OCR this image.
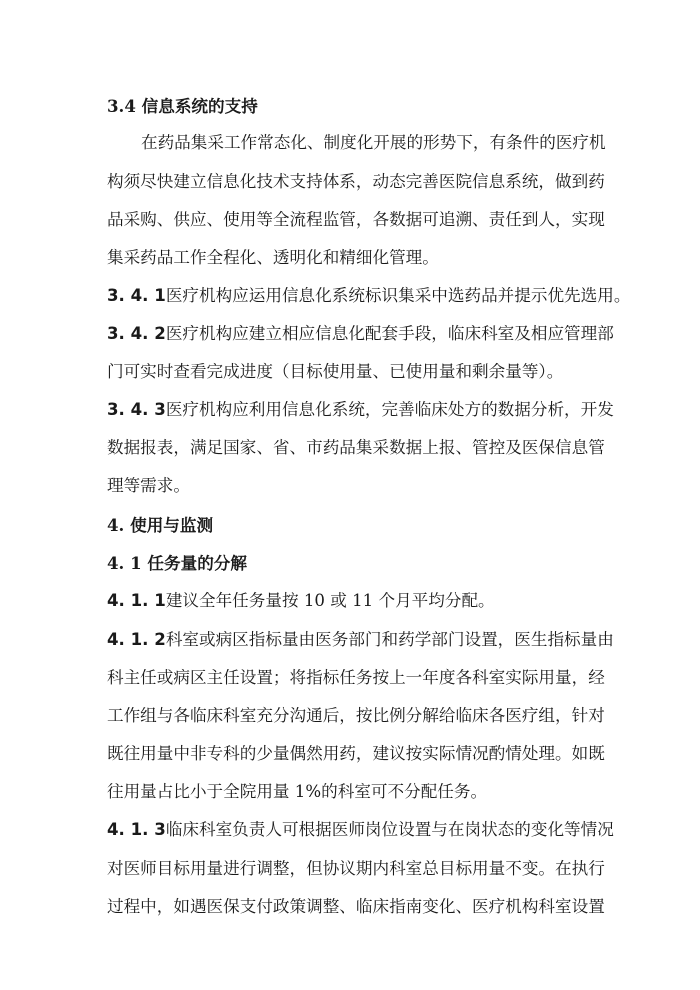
3.4 信息系统的支持
在药品集采工作常态化、制度化开展的形势下，有条件的医疗机
构须尽快建立信息化技术支持体系，动态完善医院信息系统，做到药
品采购、供应、使用等全流程监管，各数据可追溯、责任到人，实现
集采药品工作全程化、透明化和精细化管理。
3. 4. 1医疗机构应运用信息化系统标识集采中选药品并提示优先选用。
3. 4. 2医疗机构应建立相应信息化配套手段，临床科室及相应管理部
门可实时查看完成进度（目标使用量、已使用量和剩余量等）。
3. 4. 3医疗机构应利用信息化系统，完善临床处方的数据分析，开发
数据报表，满足国家、省、市药品集采数据上报、管控及医保信息管
理等需求。
4. 使用与监测
4. 1 任务量的分解
4. 1. 1建议全年任务量按 10 或 11 个月平均分配。
4. 1. 2科室或病区指标量由医务部门和药学部门设置，医生指标量由
科主任或病区主任设置；将指标任务按上一年度各科室实际用量，经
工作组与各临床科室充分沟通后，按比例分解给临床各医疗组，针对
既往用量中非专科的少量偶然用药，建议按实际情况酌情处理。如既
往用量占比小于全院用量 1%的科室可不分配任务。
4. 1. 3临床科室负责人可根据医师岗位设置与在岗状态的变化等情况
对医师目标用量进行调整，但协议期内科室总目标用量不变。在执行
过程中，如遇医保支付政策调整、临床指南变化、医疗机构科室设置
